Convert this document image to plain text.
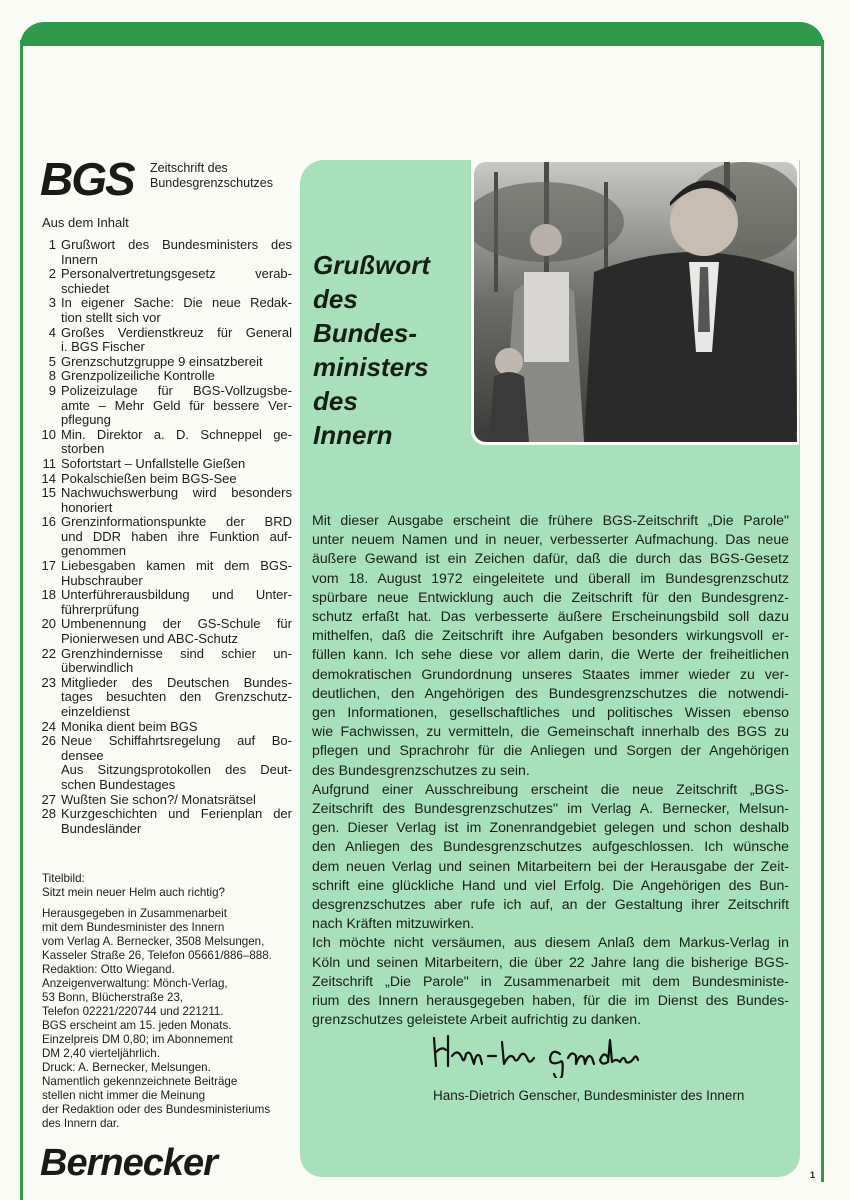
BGS Zeitschrift des
Bundesgrenzschutzes
Aus dem Inhalt
1 Grußwort des Bundesministers des
Innern
2 Personalvertretungsgesetz verab-
schiedet
3 In eigener Sache: Die neue Redak-
tion stellt sich vor
4 Großes Verdienstkreuz für General
i. BGS Fischer
5 Grenzschutzgruppe 9 einsatzbereit
8 Grenzpolizeiliche Kontrolle
9 Polizeizulage für BGS-Vollzugsbe-
amte – Mehr Geld für bessere Ver-
pflegung
10 Min. Direktor a. D. Schneppel ge-
storben
11 Sofortstart – Unfallstelle Gießen
14 Pokalschießen beim BGS-See
15 Nachwuchswerbung wird besonders
honoriert
16 Grenzinformationspunkte der BRD
und DDR haben ihre Funktion auf-
genommen
17 Liebesgaben kamen mit dem BGS-
Hubschrauber
18 Unterführerausbildung und Unter-
führerprüfung
20 Umbenennung der GS-Schule für
Pionierwesen und ABC-Schutz
22 Grenzhindernisse sind schier un-
überwindlich
23 Mitglieder des Deutschen Bundes-
tages besuchten den Grenzschutz-
einzeldienst
24 Monika dient beim BGS
26 Neue Schiffahrtsregelung auf Bo-
densee
Aus Sitzungsprotokollen des Deut-
schen Bundestages
27 Wußten Sie schon?/ Monatsrätsel
28 Kurzgeschichten und Ferienplan der
Bundesländer

Titelbild:
Sitzt mein neuer Helm auch richtig?

Herausgegeben in Zusammenarbeit
mit dem Bundesminister des Innern
vom Verlag A. Bernecker, 3508 Melsungen,
Kasseler Straße 26, Telefon 05661/886–888.
Redaktion: Otto Wiegand.
Anzeigenverwaltung: Mönch-Verlag,
53 Bonn, Blücherstraße 23,
Telefon 02221/220744 und 221211.
BGS erscheint am 15. jeden Monats.
Einzelpreis DM 0,80; im Abonnement
DM 2,40 vierteljährlich.
Druck: A. Bernecker, Melsungen.
Namentlich gekennzeichnete Beiträge
stellen nicht immer die Meinung
der Redaktion oder des Bundesministeriums
des Innern dar.

Bernecker
Grußwort
des
Bundes-
ministers
des
Innern
Mit dieser Ausgabe erscheint die frühere BGS-Zeitschrift „Die Parole"
unter neuem Namen und in neuer, verbesserter Aufmachung. Das neue
äußere Gewand ist ein Zeichen dafür, daß die durch das BGS-Gesetz
vom 18. August 1972 eingeleitete und überall im Bundesgrenzschutz
spürbare neue Entwicklung auch die Zeitschrift für den Bundesgrenz-
schutz erfaßt hat. Das verbesserte äußere Erscheinungsbild soll dazu
mithelfen, daß die Zeitschrift ihre Aufgaben besonders wirkungsvoll er-
füllen kann. Ich sehe diese vor allem darin, die Werte der freiheitlichen
demokratischen Grundordnung unseres Staates immer wieder zu ver-
deutlichen, den Angehörigen des Bundesgrenzschutzes die notwendi-
gen Informationen, gesellschaftliches und politisches Wissen ebenso
wie Fachwissen, zu vermitteln, die Gemeinschaft innerhalb des BGS zu
pflegen und Sprachrohr für die Anliegen und Sorgen der Angehörigen
des Bundesgrenzschutzes zu sein.
Aufgrund einer Ausschreibung erscheint die neue Zeitschrift „BGS-
Zeitschrift des Bundesgrenzschutzes" im Verlag A. Bernecker, Melsun-
gen. Dieser Verlag ist im Zonenrandgebiet gelegen und schon deshalb
den Anliegen des Bundesgrenzschutzes aufgeschlossen. Ich wünsche
dem neuen Verlag und seinen Mitarbeitern bei der Herausgabe der Zeit-
schrift eine glückliche Hand und viel Erfolg. Die Angehörigen des Bun-
desgrenzschutzes aber rufe ich auf, an der Gestaltung ihrer Zeitschrift
nach Kräften mitzuwirken.
Ich möchte nicht versäumen, aus diesem Anlaß dem Markus-Verlag in
Köln und seinen Mitarbeitern, die über 22 Jahre lang die bisherige BGS-
Zeitschrift „Die Parole" in Zusammenarbeit mit dem Bundesministe-
rium des Innern herausgegeben haben, für die im Dienst des Bundes-
grenzschutzes geleistete Arbeit aufrichtig zu danken.
Hans-Dietrich Genscher, Bundesminister des Innern
1
